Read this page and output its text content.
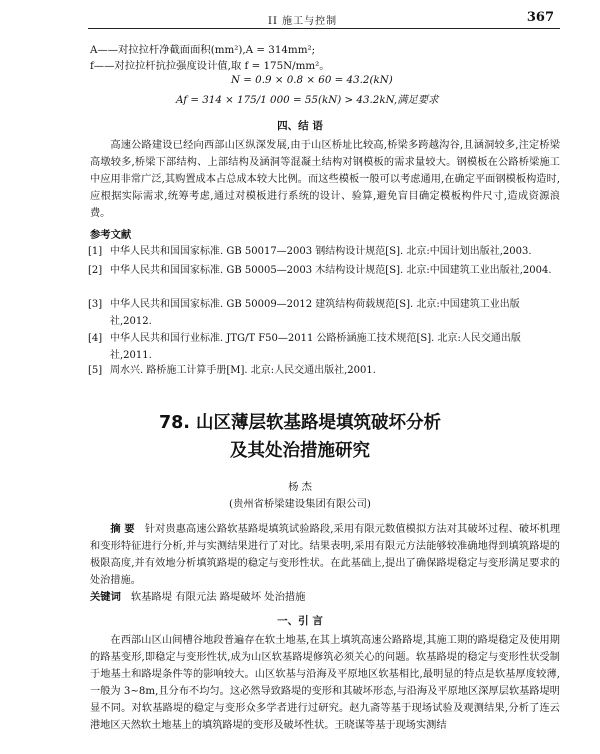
II 施工与控制	367
A——对拉拉杆净截面面积(mm²),A = 314mm²;
f——对拉拉杆抗拉强度设计值,取 f = 175N/mm²。
N = 0.9 × 0.8 × 60 = 43.2(kN)
Af = 314 × 175/1 000 = 55(kN) > 43.2kN,满足要求
四、结 语
高速公路建设已经向西部山区纵深发展,由于山区桥址比较高,桥梁多跨越沟谷,且涵洞较多,注定桥梁高墩较多,桥梁下部结构、上部结构及涵洞等混凝土结构对钢模板的需求量较大。钢模板在公路桥梁施工中应用非常广泛,其购置成本占总成本较大比例。而这些模板一般可以考虑通用,在确定平面钢模板构造时,应根据实际需求,统筹考虑,通过对模板进行系统的设计、验算,避免盲目确定模板构件尺寸,造成资源浪费。
参考文献
[1] 中华人民共和国国家标准. GB 50017—2003 钢结构设计规范[S]. 北京:中国计划出版社,2003.
[2] 中华人民共和国国家标准. GB 50005—2003 木结构设计规范[S]. 北京:中国建筑工业出版社,2004.
[3] 中华人民共和国国家标准. GB 50009—2012 建筑结构荷载规范[S]. 北京:中国建筑工业出版社,2012.
[4] 中华人民共和国行业标准. JTG/T F50—2011 公路桥涵施工技术规范[S]. 北京:人民交通出版社,2011.
[5] 周水兴. 路桥施工计算手册[M]. 北京:人民交通出版社,2001.
78. 山区薄层软基路堤填筑破坏分析
及其处治措施研究
杨 杰
(贵州省桥梁建设集团有限公司)
摘 要 针对贵惠高速公路软基路堤填筑试验路段,采用有限元数值模拟方法对其破坏过程、破坏机理和变形特征进行分析,并与实测结果进行了对比。结果表明,采用有限元方法能够较准确地得到填筑路堤的极限高度,并有效地分析填筑路堤的稳定与变形性状。在此基础上,提出了确保路堤稳定与变形满足要求的处治措施。
关键词 软基路堤 有限元法 路堤破坏 处治措施
一、引 言
在西部山区山间槽谷地段普遍存在软土地基,在其上填筑高速公路路堤,其施工期的路堤稳定及使用期的路基变形,即稳定与变形性状,成为山区软基路堤修筑必须关心的问题。软基路堤的稳定与变形性状受制于地基土和路堤条件等的影响较大。山区软基与沿海及平原地区软基相比,最明显的特点是软基厚度较薄,一般为 3~8m,且分布不均匀。这必然导致路堤的变形和其破坏形态,与沿海及平原地区深厚层软基路堤明显不同。对软基路堤的稳定与变形众多学者进行过研究。赵九斋等基于现场试验及观测结果,分析了连云港地区天然软土地基上的填筑路堤的变形及破坏性状。王晓谋等基于现场实测结
